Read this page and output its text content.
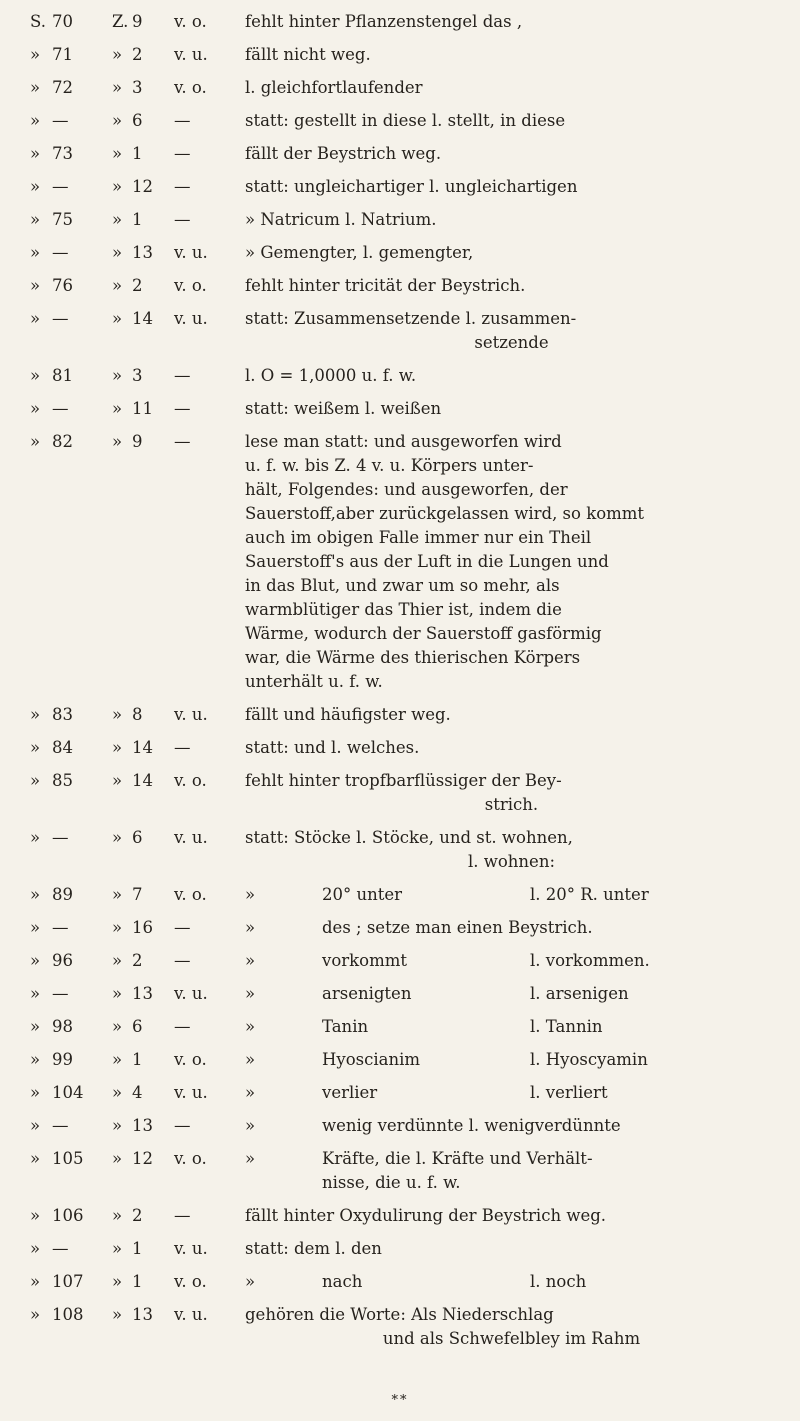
S. 70	Z. 9	v. o.	fehlt hinter Pflanzenstengel das ,
» 71	» 2	v. u.	fällt nicht weg.
» 72	» 3	v. o.	l. gleichfortlaufender
» —	» 6	—	statt: gestellt in diese l. stellt, in diese
» 73	» 1	—	fällt der Beystrich weg.
» —	» 12	—	statt: ungleichartiger l. ungleichartigen
» 75	» 1	—	» Natricum l. Natrium.
» —	» 13	v. u.	» Gemengter, l. gemengter,
» 76	» 2	v. o.	fehlt hinter tricität der Beystrich.
» —	» 14	v. u.	statt: Zusammensetzende l. zusammen-
setzende
» 81	» 3	—	l. O = 1,0000 u. f. w.
» —	» 11	—	statt: weißem l. weißen
» 82	» 9	—	lese man statt: und ausgeworfen wird
u. f. w. bis Z. 4 v. u. Körpers unter-
hält, Folgendes: und ausgeworfen, der
Sauerstoff,aber zurückgelassen wird, so kommt
auch im obigen Falle immer nur ein Theil
Sauerstoff's aus der Luft in die Lungen und
in das Blut, und zwar um so mehr, als
warmblütiger das Thier ist, indem die
Wärme, wodurch der Sauerstoff gasförmig
war, die Wärme des thierischen Körpers
unterhält u. f. w.
» 83	» 8	v. u.	fällt und häufigster weg.
» 84	» 14	—	statt: und l. welches.
» 85	» 14	v. o.	fehlt hinter tropfbarflüssiger der Bey-
strich.
» —	» 6	v. u.	statt: Stöcke l. Stöcke, und st. wohnen,
l. wohnen:
» 89	» 7	v. o.	»	20° unter	l. 20° R. unter
» —	» 16	—	»	des ; setze man einen Beystrich.
» 96	» 2	—	»	vorkommt	l. vorkommen.
» —	» 13	v. u.	»	arsenigten	l. arsenigen
» 98	» 6	—	»	Tanin	l. Tannin
» 99	» 1	v. o.	»	Hyoscianim	l. Hyoscyamin
» 104	» 4	v. u.	»	verlier	l. verliert
» —	» 13	—	»	wenig verdünnte l. wenigverdünnte
» 105	» 12	v. o.	»	Kräfte, die l. Kräfte und Verhält-
nisse, die u. f. w.
» 106	» 2	—	fällt hinter Oxydulirung der Beystrich weg.
» —	» 1	v. u.	statt: dem l. den
» 107	» 1	v. o.	»	nach	l. noch
» 108	» 13	v. u.	gehören die Worte: Als Niederschlag
und als Schwefelbley im Rahm
**
